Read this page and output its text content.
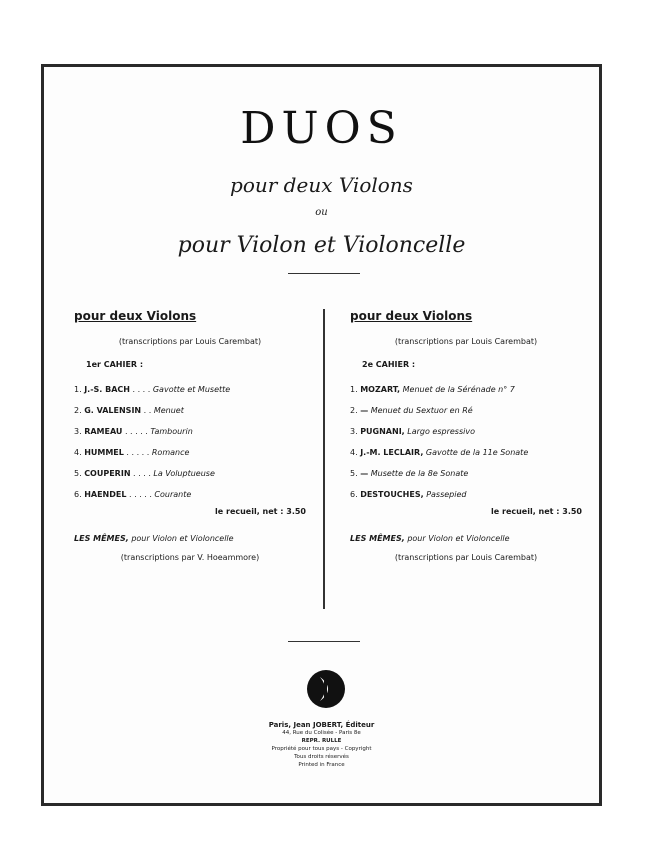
DUOS
pour deux Violons
ou
pour Violon et Violoncelle
pour deux Violons
(transcriptions par Louis Carembat)
1er CAHIER :
1. J.-S. BACH . . . . Gavotte et Musette
2. G. VALENSIN . . Menuet
3. RAMEAU . . . . . Tambourin
4. HUMMEL . . . . . Romance
5. COUPERIN . . . . La Voluptueuse
6. HAENDEL . . . . . Courante
le recueil, net : 3.50
LES MÊMES, pour Violon et Violoncelle
(transcriptions par V. Hoeammore)
pour deux Violons
(transcriptions par Louis Carembat)
2e CAHIER :
1. MOZART, Menuet de la Sérénade n° 7
2. — Menuet du Sextuor en Ré
3. PUGNANI, Largo espressivo
4. J.-M. LECLAIR, Gavotte de la 11e Sonate
5. — Musette de la 8e Sonate
6. DESTOUCHES, Passepied
le recueil, net : 3.50
LES MÊMES, pour Violon et Violoncelle
(transcriptions par Louis Carembat)
Paris, Jean JOBERT, Éditeur
44, Rue du Colisée - Paris 8e
REPR. RULLE
Propriété pour tous pays - Copyright
Tous droits réservés
Printed in France
